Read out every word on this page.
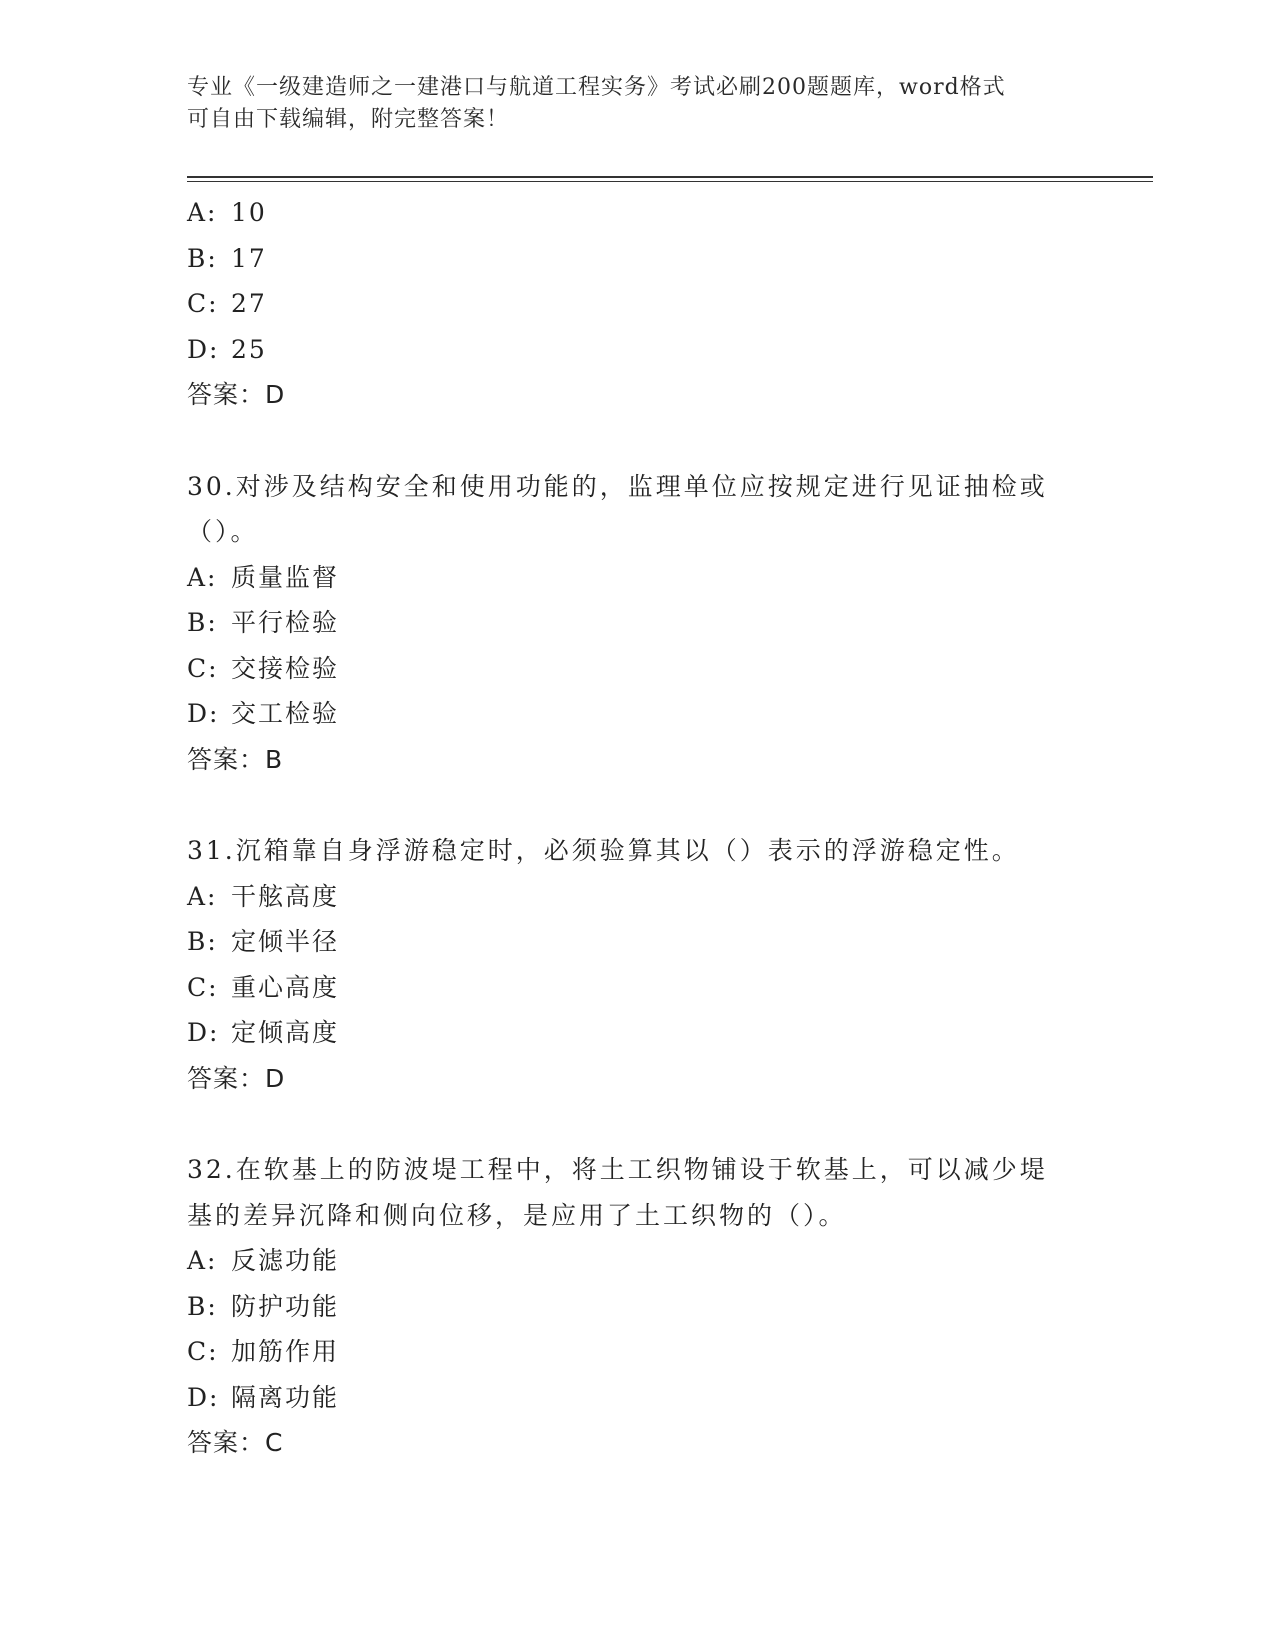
专业《一级建造师之一建港口与航道工程实务》考试必刷200题题库，word格式
可自由下载编辑，附完整答案！
A: 10
B: 17
C: 27
D: 25
答案：D
30.对涉及结构安全和使用功能的，监理单位应按规定进行见证抽检或
（）。
A: 质量监督
B: 平行检验
C: 交接检验
D: 交工检验
答案：B
31.沉箱靠自身浮游稳定时，必须验算其以（）表示的浮游稳定性。
A: 干舷高度
B: 定倾半径
C: 重心高度
D: 定倾高度
答案：D
32.在软基上的防波堤工程中，将土工织物铺设于软基上，可以减少堤
基的差异沉降和侧向位移，是应用了土工织物的（）。
A: 反滤功能
B: 防护功能
C: 加筋作用
D: 隔离功能
答案：C
